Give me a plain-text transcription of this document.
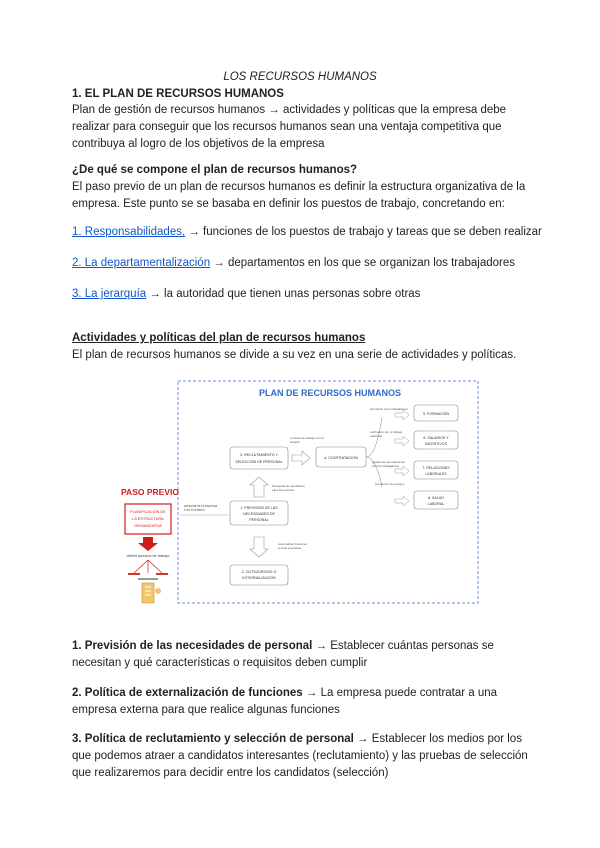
LOS RECURSOS HUMANOS
1. EL PLAN DE RECURSOS HUMANOS
Plan de gestión de recursos humanos → actividades y políticas que la empresa debe
realizar para conseguir que los recursos humanos sean una ventaja competitiva que
contribuya al logro de los objetivos de la empresa
¿De qué se compone el plan de recursos humanos?
El paso previo de un plan de recursos humanos es definir la estructura organizativa de la
empresa. Este punto se se basaba en definir los puestos de trabajo, concretando en:
1. Responsabilidades, → funciones de los puestos de trabajo y tareas que se deben realizar
2. La departamentalización → departamentos en los que se organizan los trabajadores
3. La jerarquía → la autoridad que tienen unas personas sobre otras
Actividades y políticas del plan de recursos humanos
El plan de recursos humanos se divide a su vez en una serie de actividades y políticas.
PLAN DE RECURSOS HUMANOS
PASO PREVIO
PLANIFICACIÓN DE
LA ESTRUCTURA
ORGANIZATIVA
definir puestos de trabajo
personal de la empresa
o en el exterior
3. RECLUTAMIENTO Y
SELECCIÓN DE PERSONAL
1. PREVISIÓN DE LAS
NECESIDADES DE
PERSONAL
2. OUTSOURCING O
EXTERNALIZACIÓN
búsqueda de candidatos
para los puestos
externalizar funciones
a otras empresas
contrato de trabajo con el
elegido
4. CONTRATACIÓN
formación a los trabajadores
retribución por el trabajo
realizado
gestión de las relaciones
con los trabajadores
prevención de riesgos
5. FORMACIÓN
6. SALARIOS Y
INCENTIVOS
7. RELACIONES
LABORALES
8. SALUD
LABORAL
1. Previsión de las necesidades de personal → Establecer cuántas personas se
necesitan y qué características o requisitos deben cumplir
2. Política de externalización de funciones → La empresa puede contratar a una
empresa externa para que realice algunas funciones
3. Política de reclutamiento y selección de personal → Establecer los medios por los
que podemos atraer a candidatos interesantes (reclutamiento) y las pruebas de selección
que realizaremos para decidir entre los candidatos (selección)
